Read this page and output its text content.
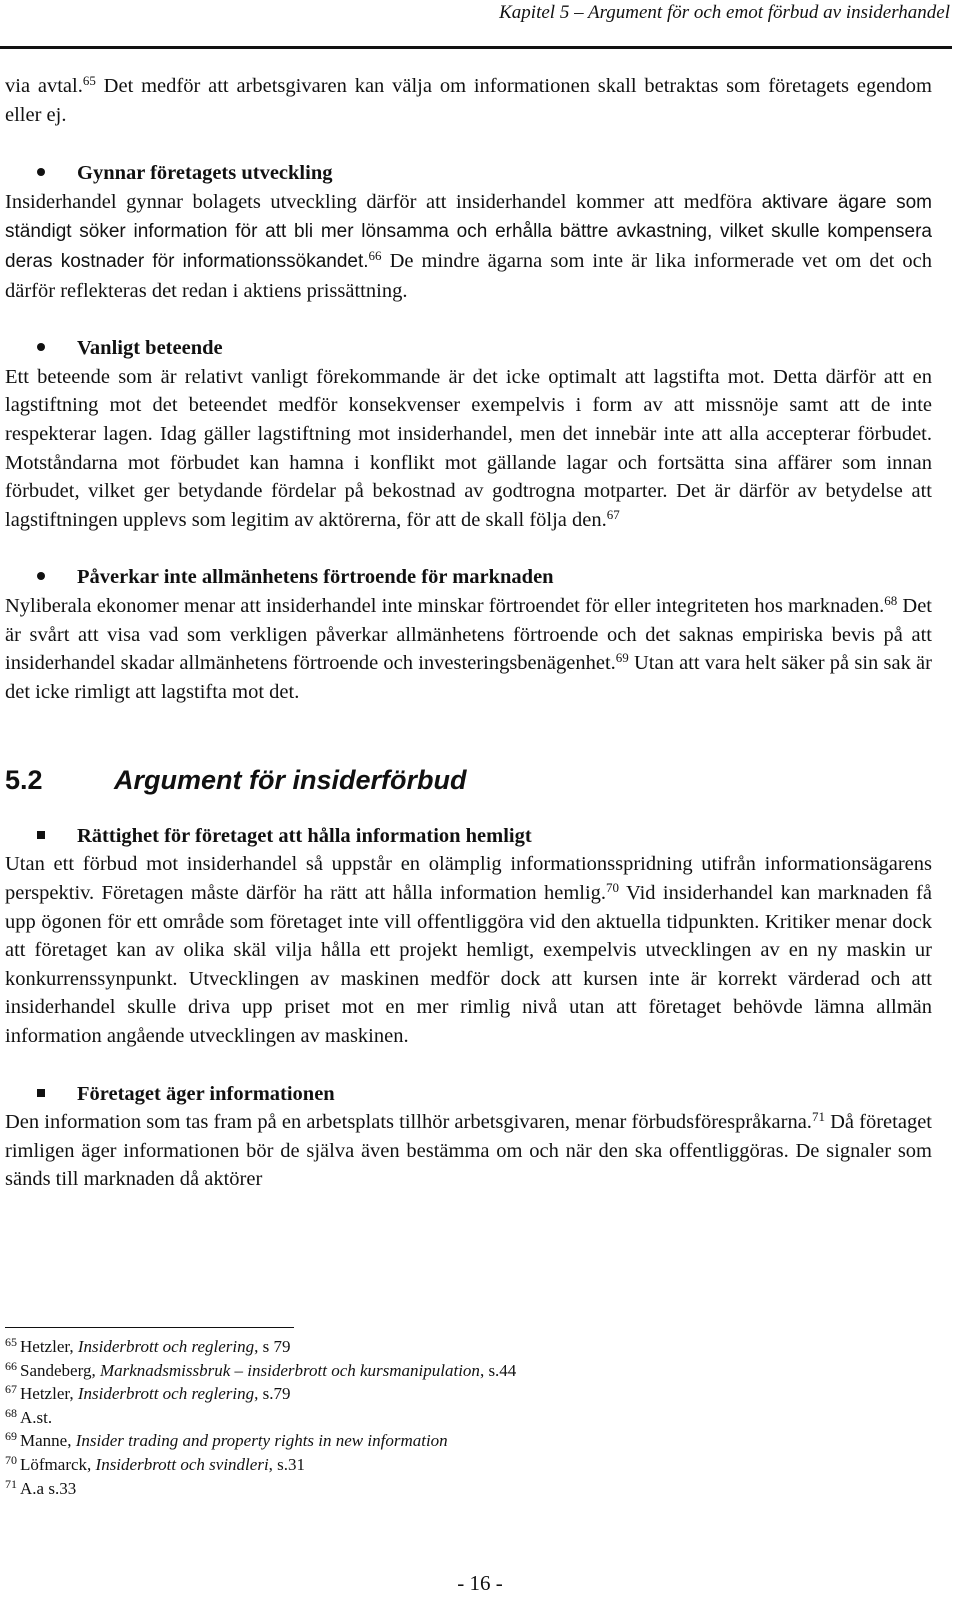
Kapitel 5 – Argument för och emot förbud av insiderhandel

via avtal.$^{65}$ Det medför att arbetsgivaren kan välja om informationen skall betraktas som företagets egendom eller ej.

Gynnar företagets utveckling

Insiderhandel gynnar bolagets utveckling därför att insiderhandel kommer att medföra aktivare ägare som ständigt söker information för att bli mer lönsamma och erhålla bättre avkastning, vilket skulle kompensera deras kostnader för informationssökandet.$^{66}$ De mindre ägarna som inte är lika informerade vet om det och därför reflekteras det redan i aktiens prissättning.

Vanligt beteende

Ett beteende som är relativt vanligt förekommande är det icke optimalt att lagstifta mot. Detta därför att en lagstiftning mot det beteendet medför konsekvenser exempelvis i form av att missnöje samt att de inte respekterar lagen. Idag gäller lagstiftning mot insiderhandel, men det innebär inte att alla accepterar förbudet. Motståndarna mot förbudet kan hamna i konflikt mot gällande lagar och fortsätta sina affärer som innan förbudet, vilket ger betydande fördelar på bekostnad av godtrogna motparter. Det är därför av betydelse att lagstiftningen upplevs som legitim av aktörerna, för att de skall följa den.$^{67}$

Påverkar inte allmänhetens förtroende för marknaden

Nyliberala ekonomer menar att insiderhandel inte minskar förtroendet för eller integriteten hos marknaden.$^{68}$ Det är svårt att visa vad som verkligen påverkar allmänhetens förtroende och det saknas empiriska bevis på att insiderhandel skadar allmänhetens förtroende och investeringsbenägenhet.$^{69}$ Utan att vara helt säker på sin sak är det icke rimligt att lagstifta mot det.

5.2	Argument för insiderförbud
Rättighet för företaget att hålla information hemligt

Utan ett förbud mot insiderhandel så uppstår en olämplig informationsspridning utifrån informationsägarens perspektiv. Företagen måste därför ha rätt att hålla information hemlig.$^{70}$ Vid insiderhandel kan marknaden få upp ögonen för ett område som företaget inte vill offentliggöra vid den aktuella tidpunkten. Kritiker menar dock att företaget kan av olika skäl vilja hålla ett projekt hemligt, exempelvis utvecklingen av en ny maskin ur konkurrenssynpunkt. Utvecklingen av maskinen medför dock att kursen inte är korrekt värderad och att insiderhandel skulle driva upp priset mot en mer rimlig nivå utan att företaget behövde lämna allmän information angående utvecklingen av maskinen.

Företaget äger informationen

Den information som tas fram på en arbetsplats tillhör arbetsgivaren, menar förbudsförespråkarna.$^{71}$ Då företaget rimligen äger informationen bör de själva även bestämma om och när den ska offentliggöras. De signaler som sänds till marknaden då aktörer

$^{65}$ Hetzler, Insiderbrott och reglering, s 79
$^{66}$ Sandeberg, Marknadsmissbruk – insiderbrott och kursmanipulation, s.44
$^{67}$ Hetzler, Insiderbrott och reglering, s.79
$^{68}$ A.st.
$^{69}$ Manne, Insider trading and property rights in new information
$^{70}$ Löfmarck, Insiderbrott och svindleri, s.31
$^{71}$ A.a s.33
- 16 -
